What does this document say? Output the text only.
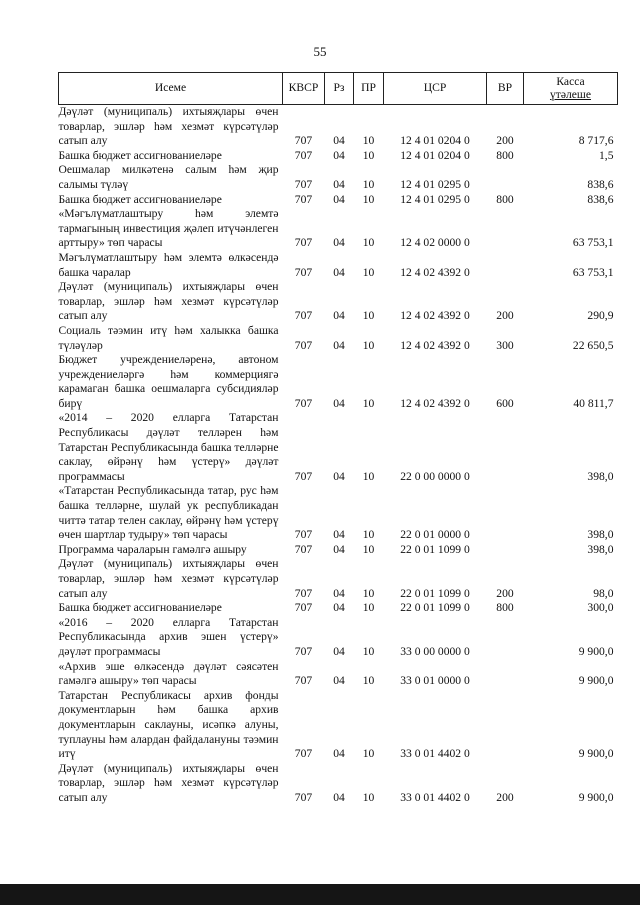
55
Исеме	КВСР	Рз	ПР	ЦСР	ВР	Касса
үтәлеше
Дәүләт (муниципаль) ихтыяҗлары өчен товарлар, эшләр һәм хезмәт күрсәтүләр сатып алу	707	04	10	12 4 01 0204 0	200	8 717,6
Башка бюджет ассигнованиеләре	707	04	10	12 4 01 0204 0	800	1,5
Оешмалар милкәтенә салым һәм җир салымы түләү	707	04	10	12 4 01 0295 0		838,6
Башка бюджет ассигнованиеләре	707	04	10	12 4 01 0295 0	800	838,6
«Мәгълүматлаштыру һәм элемтә тармагының инвестиция җәлеп итүчәнлеген арттыру» төп чарасы	707	04	10	12 4 02 0000 0		63 753,1
Мәгълүматлаштыру һәм элемтә өлкәсендә башка чаралар	707	04	10	12 4 02 4392 0		63 753,1
Дәүләт (муниципаль) ихтыяҗлары өчен товарлар, эшләр һәм хезмәт күрсәтүләр сатып алу	707	04	10	12 4 02 4392 0	200	290,9
Социаль тәэмин итү һәм халыкка башка түләүләр	707	04	10	12 4 02 4392 0	300	22 650,5
Бюджет учреждениеләренә, автоном учреждениеләргә һәм коммерциягә карамаган башка оешмаларга субсидияләр бирү	707	04	10	12 4 02 4392 0	600	40 811,7
«2014 – 2020 елларга Татарстан Республикасы дәүләт телләрен һәм Татарстан Республикасында башка телләрне саклау, өйрәнү һәм үстерү» дәүләт программасы	707	04	10	22 0 00 0000 0		398,0
«Татарстан Республикасында татар, рус һәм башка телләрне, шулай ук республикадан читтә татар телен саклау, өйрәнү һәм үстерү өчен шартлар тудыру» төп чарасы	707	04	10	22 0 01 0000 0		398,0
Программа чараларын гамәлгә ашыру	707	04	10	22 0 01 1099 0		398,0
Дәүләт (муниципаль) ихтыяҗлары өчен товарлар, эшләр һәм хезмәт күрсәтүләр сатып алу	707	04	10	22 0 01 1099 0	200	98,0
Башка бюджет ассигнованиеләре	707	04	10	22 0 01 1099 0	800	300,0
«2016 – 2020 елларга Татарстан Республикасында архив эшен үстерү» дәүләт программасы	707	04	10	33 0 00 0000 0		9 900,0
«Архив эше өлкәсендә дәүләт сәясәтен гамәлгә ашыру» төп чарасы	707	04	10	33 0 01 0000 0		9 900,0
Татарстан Республикасы архив фонды документларын һәм башка архив документларын саклауны, исәпкә алуны, туплауны һәм алардан файдалануны тәэмин итү	707	04	10	33 0 01 4402 0		9 900,0
Дәүләт (муниципаль) ихтыяҗлары өчен товарлар, эшләр һәм хезмәт күрсәтүләр сатып алу	707	04	10	33 0 01 4402 0	200	9 900,0
